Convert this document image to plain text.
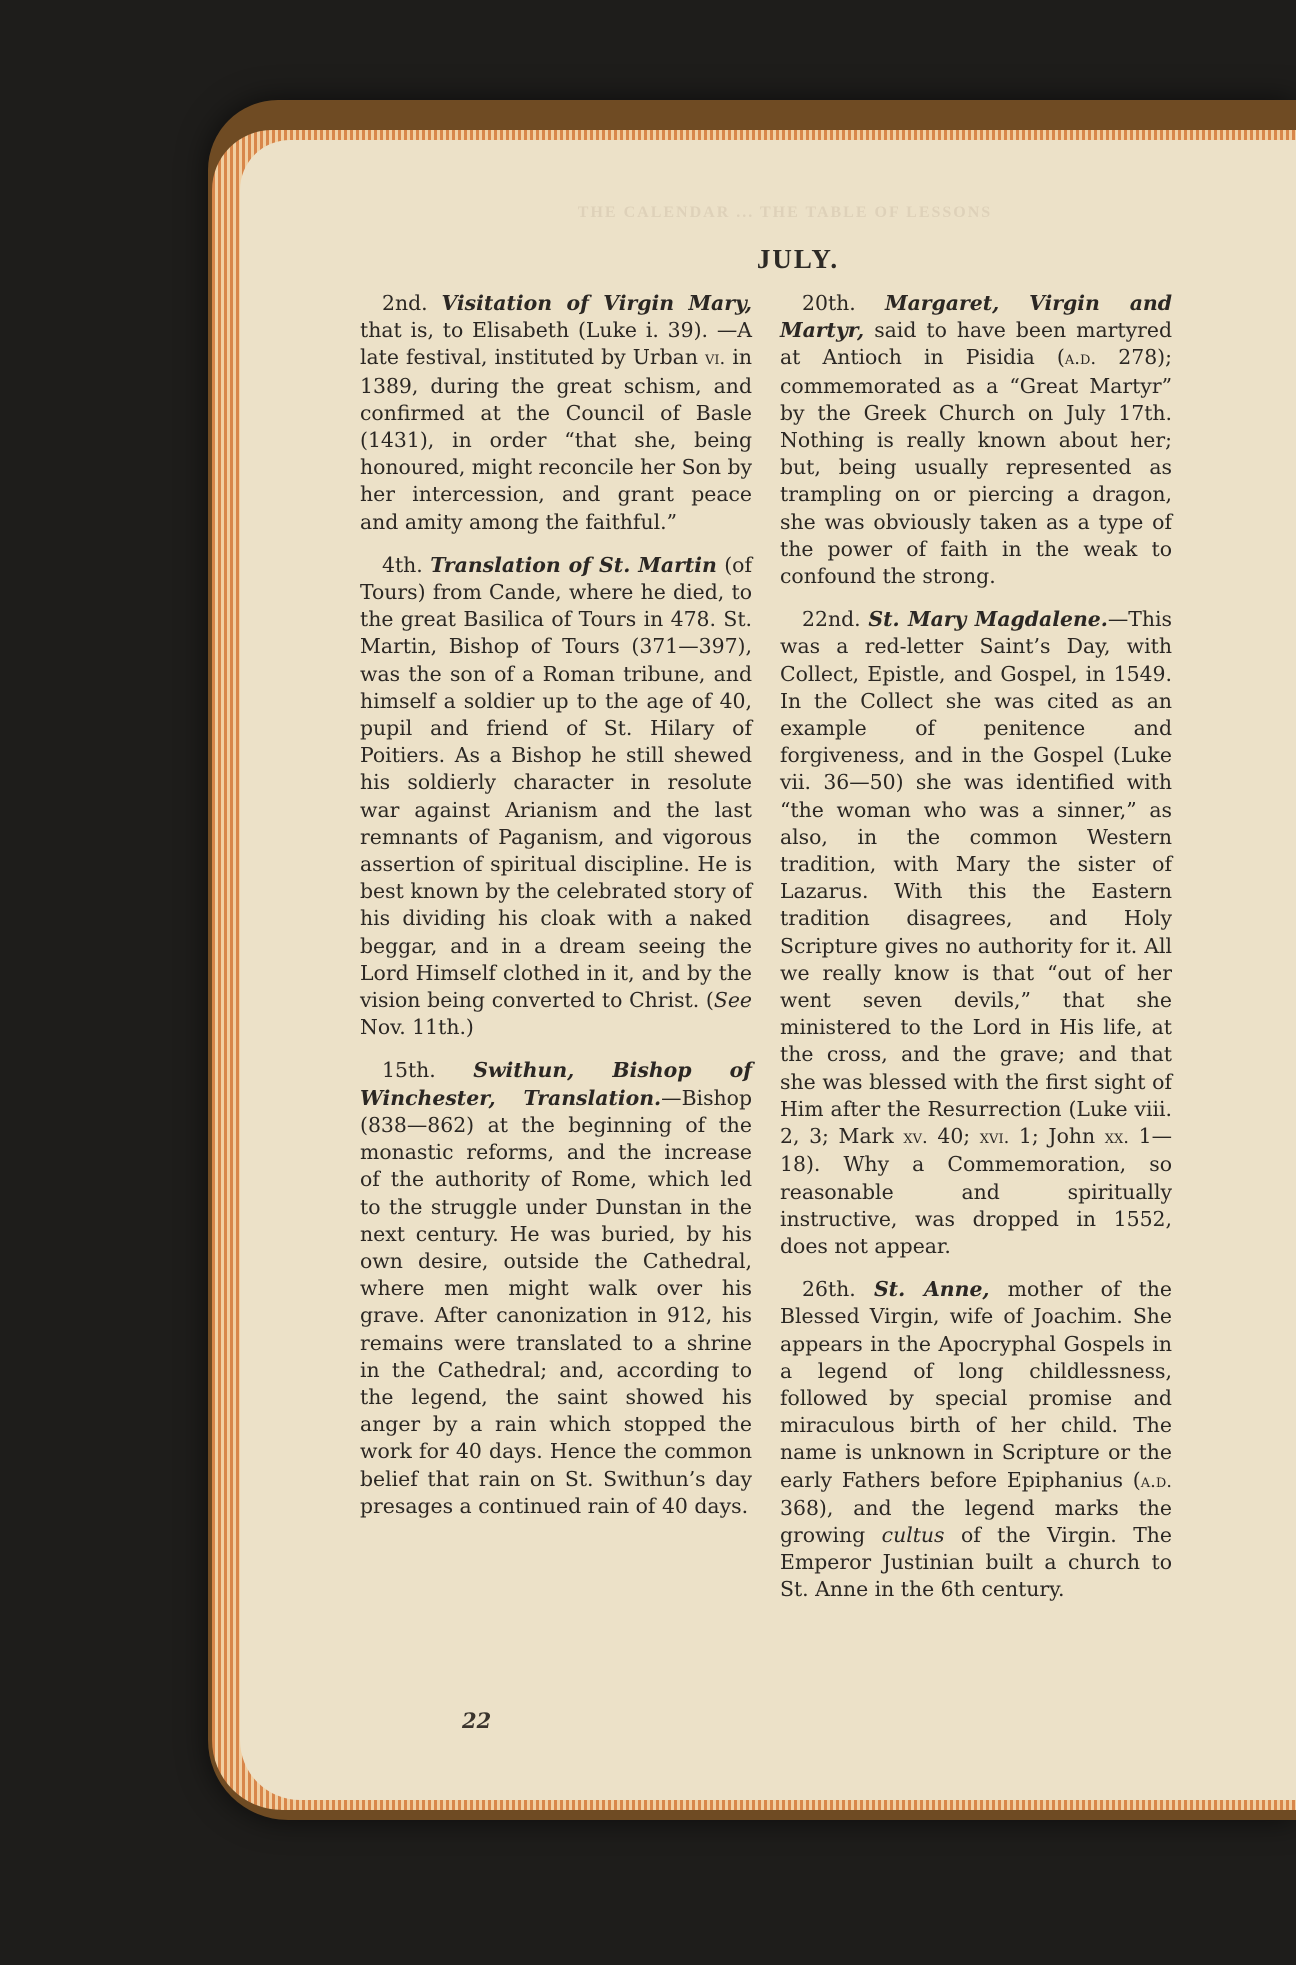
THE CALENDAR ... THE TABLE OF LESSONS
JULY.

2nd. Visitation of Virgin Mary, that is, to Elisabeth (Luke i. 39). —A late festival, instituted by Urban vi. in 1389, during the great schism, and confirmed at the Council of Basle (1431), in order “that she, being honoured, might reconcile her Son by her intercession, and grant peace and amity among the faithful.”

4th. Translation of St. Martin (of Tours) from Cande, where he died, to the great Basilica of Tours in 478. St. Martin, Bishop of Tours (371—397), was the son of a Roman tribune, and himself a soldier up to the age of 40, pupil and friend of St. Hilary of Poitiers. As a Bishop he still shewed his soldierly character in resolute war against Arianism and the last remnants of Paganism, and vigorous assertion of spiritual discipline. He is best known by the celebrated story of his dividing his cloak with a naked beggar, and in a dream seeing the Lord Himself clothed in it, and by the vision being converted to Christ. (See Nov. 11th.)

15th. Swithun, Bishop of Winchester, Translation.—Bishop (838—862) at the beginning of the monastic reforms, and the increase of the authority of Rome, which led to the struggle under Dunstan in the next century. He was buried, by his own desire, outside the Cathedral, where men might walk over his grave. After canonization in 912, his remains were translated to a shrine in the Cathedral; and, according to the legend, the saint showed his anger by a rain which stopped the work for 40 days. Hence the common belief that rain on St. Swithun’s day presages a continued rain of 40 days.

20th. Margaret, Virgin and Martyr, said to have been martyred at Antioch in Pisidia (a.d. 278); commemorated as a “Great Martyr” by the Greek Church on July 17th. Nothing is really known about her; but, being usually represented as trampling on or piercing a dragon, she was obviously taken as a type of the power of faith in the weak to confound the strong.

22nd. St. Mary Magdalene.—This was a red-letter Saint’s Day, with Collect, Epistle, and Gospel, in 1549. In the Collect she was cited as an example of penitence and forgiveness, and in the Gospel (Luke vii. 36—50) she was identified with “the woman who was a sinner,” as also, in the common Western tradition, with Mary the sister of Lazarus. With this the Eastern tradition disagrees, and Holy Scripture gives no authority for it. All we really know is that “out of her went seven devils,” that she ministered to the Lord in His life, at the cross, and the grave; and that she was blessed with the first sight of Him after the Resurrection (Luke viii. 2, 3; Mark xv. 40; xvi. 1; John xx. 1—18). Why a Commemoration, so reasonable and spiritually instructive, was dropped in 1552, does not appear.

26th. St. Anne, mother of the Blessed Virgin, wife of Joachim. She appears in the Apocryphal Gospels in a legend of long childlessness, followed by special promise and miraculous birth of her child. The name is unknown in Scripture or the early Fathers before Epiphanius (a.d. 368), and the legend marks the growing cultus of the Virgin. The Emperor Justinian built a church to St. Anne in the 6th century.

22
